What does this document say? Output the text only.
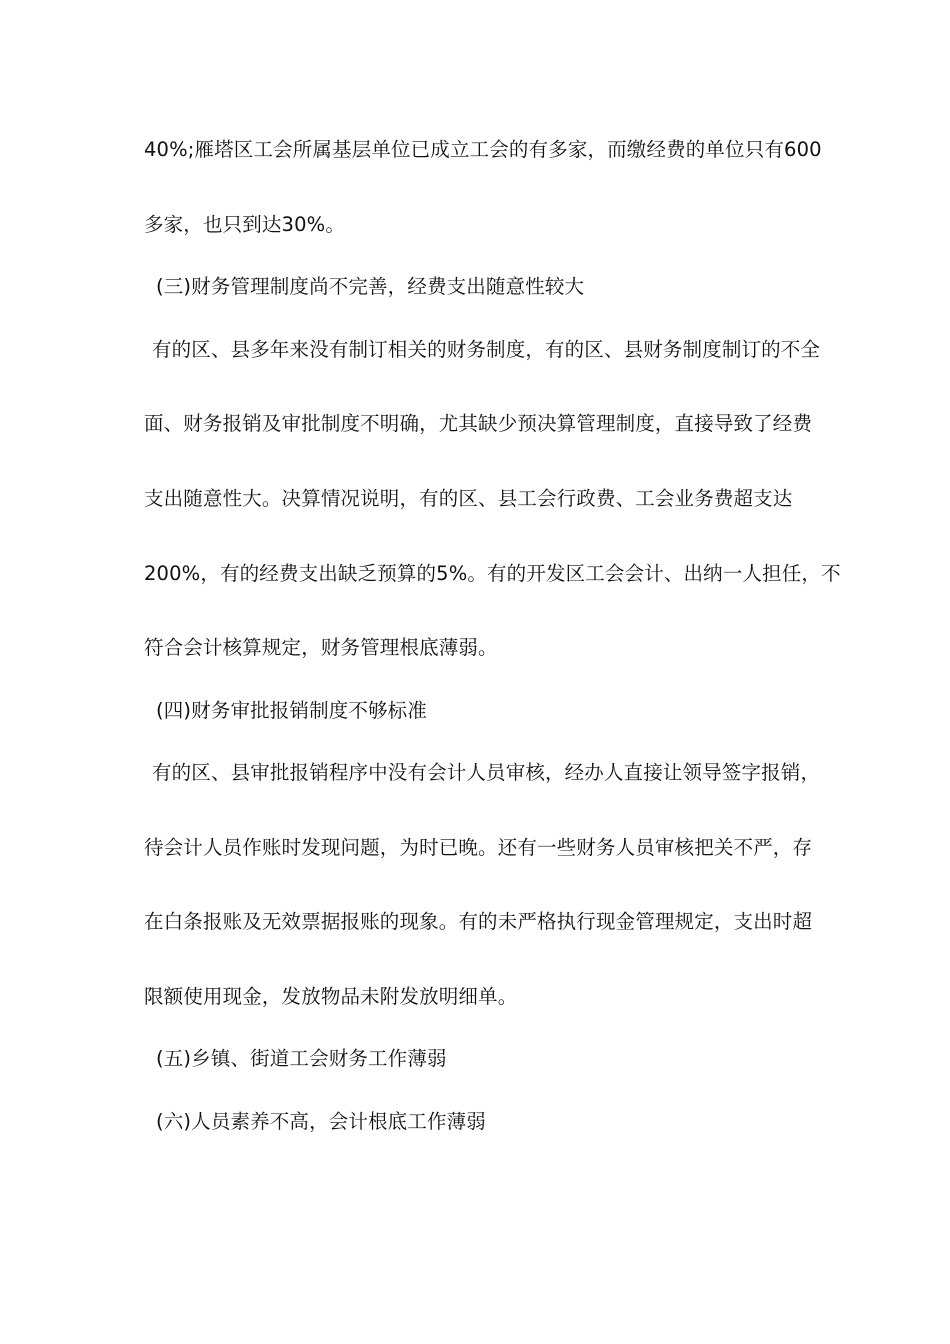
40%;雁塔区工会所属基层单位已成立工会的有多家，而缴经费的单位只有600
多家，也只到达30%。
(三)财务管理制度尚不完善，经费支出随意性较大
有的区、县多年来没有制订相关的财务制度，有的区、县财务制度制订的不全
面、财务报销及审批制度不明确，尤其缺少预决算管理制度，直接导致了经费
支出随意性大。决算情况说明，有的区、县工会行政费、工会业务费超支达
200%，有的经费支出缺乏预算的5%。有的开发区工会会计、出纳一人担任，不
符合会计核算规定，财务管理根底薄弱。
(四)财务审批报销制度不够标准
有的区、县审批报销程序中没有会计人员审核，经办人直接让领导签字报销，
待会计人员作账时发现问题，为时已晚。还有一些财务人员审核把关不严，存
在白条报账及无效票据报账的现象。有的未严格执行现金管理规定，支出时超
限额使用现金，发放物品未附发放明细单。
(五)乡镇、街道工会财务工作薄弱
(六)人员素养不高，会计根底工作薄弱
